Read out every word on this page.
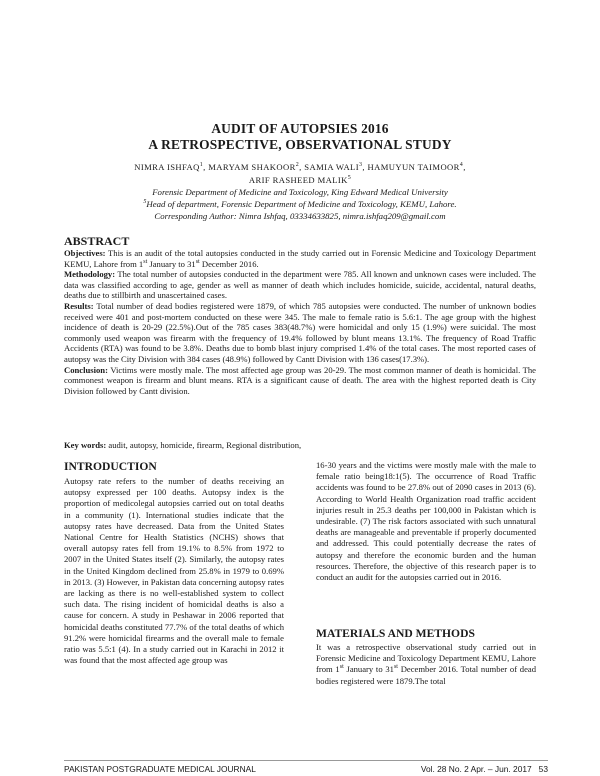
AUDIT OF AUTOPSIES 2016
A RETROSPECTIVE, OBSERVATIONAL STUDY
NIMRA ISHFAQ$^1$, MARYAM SHAKOOR$^2$, SAMIA WALI$^3$, HAMUYUN TAIMOOR$^4$,
ARIF RASHEED MALIK$^5$
Forensic Department of Medicine and Toxicology, King Edward Medical University
$^5$Head of department, Forensic Department of Medicine and Toxicology, KEMU, Lahore.
Corresponding Author: Nimra Ishfaq, 03334633825, nimra.ishfaq209@gmail.com
ABSTRACT

Objectives: This is an audit of the total autopsies conducted in the study carried out in Forensic Medicine and Toxicology Department KEMU, Lahore from 1st January to 31st December 2016.

Methodology: The total number of autopsies conducted in the department were 785. All known and unknown cases were included. The data was classified according to age, gender as well as manner of death which includes homicide, suicide, accidental, natural deaths, deaths due to stillbirth and unascertained cases.

Results: Total number of dead bodies registered were 1879, of which 785 autopsies were conducted. The number of unknown bodies received were 401 and post-mortem conducted on these were 345. The male to female ratio is 5.6:1. The age group with the highest incidence of death is 20-29 (22.5%).Out of the 785 cases 383(48.7%) were homicidal and only 15 (1.9%) were suicidal. The most commonly used weapon was firearm with the frequency of 19.4% followed by blunt means 13.1%. The frequency of Road Traffic Accidents (RTA) was found to be 3.8%. Deaths due to bomb blast injury comprised 1.4% of the total cases. The most reported cases of autopsy was the City Division with 384 cases (48.9%) followed by Cantt Division with 136 cases(17.3%).

Conclusion: Victims were mostly male. The most affected age group was 20-29. The most common manner of death is homicidal. The commonest weapon is firearm and blunt means. RTA is a significant cause of death. The area with the highest reported death is City Division followed by Cantt division.

Key words: audit, autopsy, homicide, firearm, Regional distribution,
INTRODUCTION

Autopsy rate refers to the number of deaths receiving an autopsy expressed per 100 deaths. Autopsy index is the proportion of medicolegal autopsies carried out on total deaths in a community (1). International studies indicate that the autopsy rates have decreased. Data from the United States National Centre for Health Statistics (NCHS) shows that overall autopsy rates fell from 19.1% to 8.5% from 1972 to 2007 in the United States itself (2). Similarly, the autopsy rates in the United Kingdom declined from 25.8% in 1979 to 0.69% in 2013. (3) However, in Pakistan data concerning autopsy rates are lacking as there is no well-established system to collect such data. The rising incident of homicidal deaths is also a cause for concern. A study in Peshawar in 2006 reported that homicidal deaths constituted 77.7% of the total deaths of which 91.2% were homicidal firearms and the overall male to female ratio was 5.5:1 (4). In a study carried out in Karachi in 2012 it was found that the most affected age group was

16-30 years and the victims were mostly male with the male to female ratio being18:1(5). The occurrence of Road Traffic accidents was found to be 27.8% out of 2090 cases in 2013 (6). According to World Health Organization road traffic accident injuries result in 25.3 deaths per 100,000 in Pakistan which is undesirable. (7) The risk factors associated with such unnatural deaths are manageable and preventable if properly documented and addressed. This could potentially decrease the rates of autopsy and therefore the economic burden and the human resources. Therefore, the objective of this research paper is to conduct an audit for the autopsies carried out in 2016.

MATERIALS AND METHODS

It was a retrospective observational study carried out in Forensic Medicine and Toxicology Department KEMU, Lahore from 1st January to 31st December 2016. Total number of dead bodies registered were 1879.The total

PAKISTAN POSTGRADUATE MEDICAL JOURNAL	Vol. 28 No. 2 Apr. – Jun. 2017 53
